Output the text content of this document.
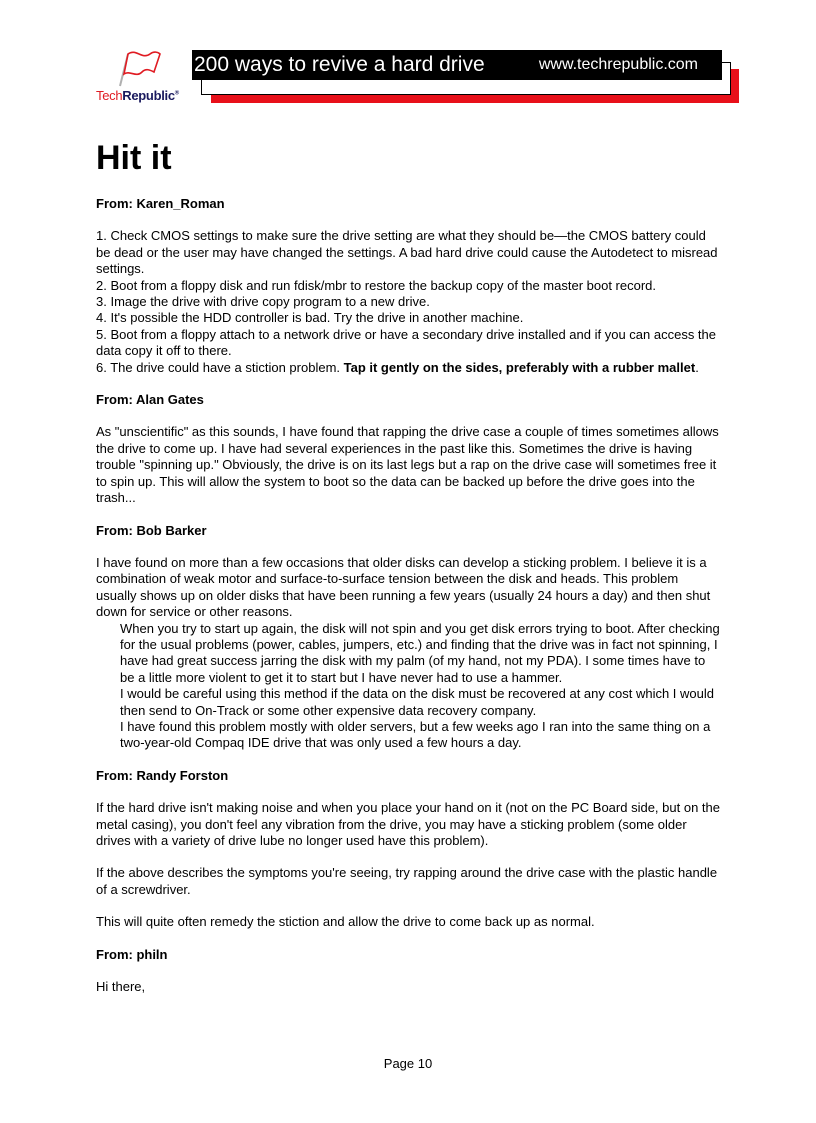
TechRepublic®
200 ways to revive a hard drive	www.techrepublic.com
Hit it
From: Karen_Roman
1. Check CMOS settings to make sure the drive setting are what they should be—the CMOS battery could be dead or the user may have changed the settings. A bad hard drive could cause the Autodetect to misread settings.
2. Boot from a floppy disk and run fdisk/mbr to restore the backup copy of the master boot record.
3. Image the drive with drive copy program to a new drive.
4. It's possible the HDD controller is bad. Try the drive in another machine.
5. Boot from a floppy attach to a network drive or have a secondary drive installed and if you can access the data copy it off to there.
6. The drive could have a stiction problem. Tap it gently on the sides, preferably with a rubber mallet.
From: Alan Gates

As "unscientific" as this sounds, I have found that rapping the drive case a couple of times sometimes allows the drive to come up. I have had several experiences in the past like this. Sometimes the drive is having trouble "spinning up." Obviously, the drive is on its last legs but a rap on the drive case will sometimes free it to spin up. This will allow the system to boot so the data can be backed up before the drive goes into the trash...

From: Bob Barker
I have found on more than a few occasions that older disks can develop a sticking problem. I believe it is a combination of weak motor and surface-to-surface tension between the disk and heads. This problem usually shows up on older disks that have been running a few years (usually 24 hours a day) and then shut down for service or other reasons.
When you try to start up again, the disk will not spin and you get disk errors trying to boot. After checking for the usual problems (power, cables, jumpers, etc.) and finding that the drive was in fact not spinning, I have had great success jarring the disk with my palm (of my hand, not my PDA). I some times have to be a little more violent to get it to start but I have never had to use a hammer.
I would be careful using this method if the data on the disk must be recovered at any cost which I would then send to On-Track or some other expensive data recovery company.
I have found this problem mostly with older servers, but a few weeks ago I ran into the same thing on a two-year-old Compaq IDE drive that was only used a few hours a day.
From: Randy Forston

If the hard drive isn't making noise and when you place your hand on it (not on the PC Board side, but on the metal casing), you don't feel any vibration from the drive, you may have a sticking problem (some older drives with a variety of drive lube no longer used have this problem).

If the above describes the symptoms you're seeing, try rapping around the drive case with the plastic handle of a screwdriver.

This will quite often remedy the stiction and allow the drive to come back up as normal.

From: philn

Hi there,

Page 10
